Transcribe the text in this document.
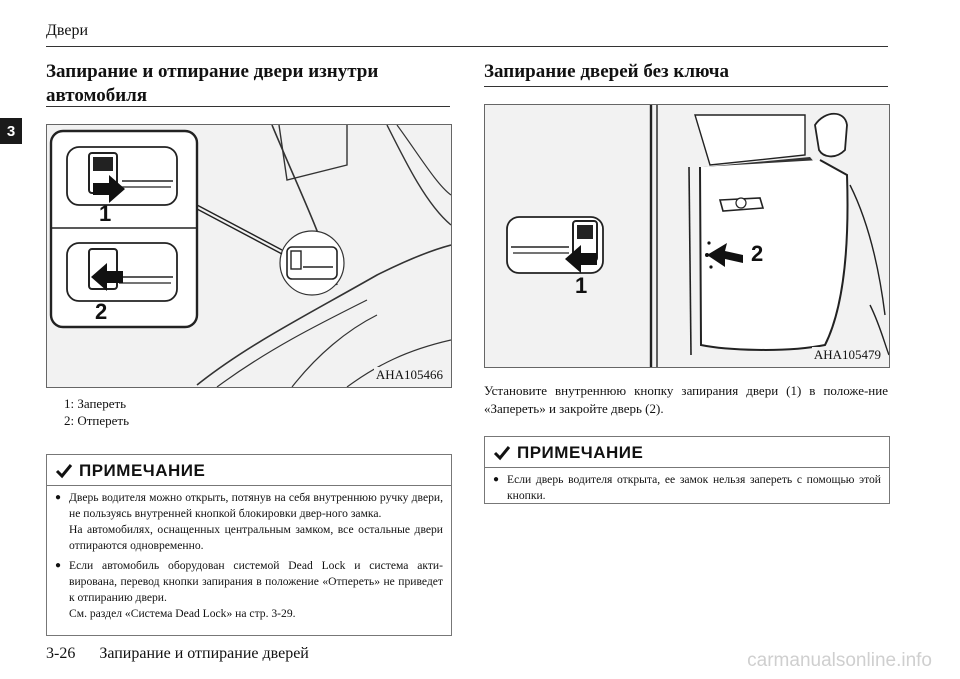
Двери
3
Запирание и отпирание двери изнутри
автомобиля
1
2
AHA105466
1: Запереть
2: Отпереть
ПРИМЕЧАНИЕ
● Дверь водителя можно открыть, потянув на себя внутреннюю ручку двери, не пользуясь внутренней кнопкой блокировки двер-ного замка.
На автомобилях, оснащенных центральным замком, все остальные двери отпираются одновременно.
● Если автомобиль оборудован системой Dead Lock и система акти-вирована, перевод кнопки запирания в положение «Отпереть» не приведет к отпиранию двери.
См. раздел «Система Dead Lock» на стр. 3-29.
Запирание дверей без ключа
2
1
AHA105479
Установите внутреннюю кнопку запирания двери (1) в положе-ние «Запереть» и закройте дверь (2).
ПРИМЕЧАНИЕ
● Если дверь водителя открыта, ее замок нельзя запереть с помощью этой кнопки.
3-26 Запирание и отпирание дверей	carmanualsonline.info
